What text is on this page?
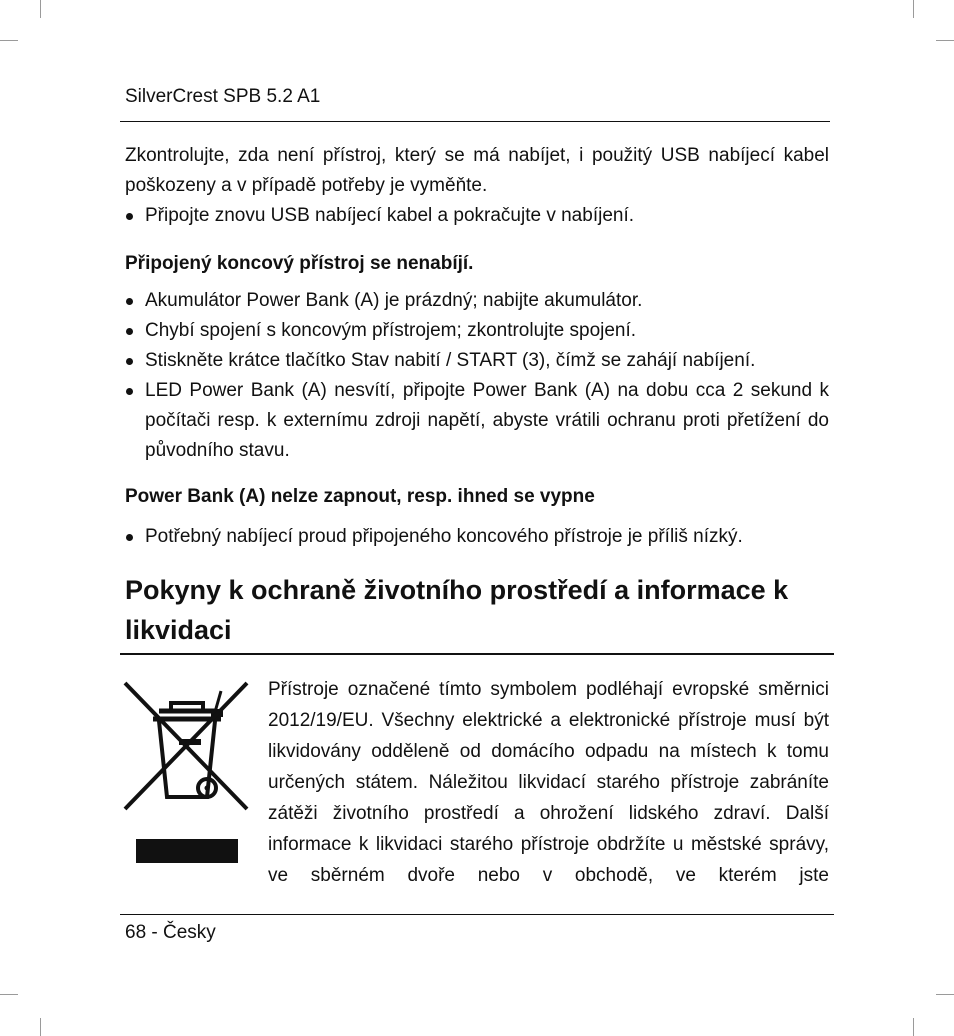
SilverCrest SPB 5.2 A1
Zkontrolujte, zda není přístroj, který se má nabíjet, i použitý USB nabíjecí kabel poškozeny a v případě potřeby je vyměňte.
Připojte znovu USB nabíjecí kabel a pokračujte v nabíjení.
Připojený koncový přístroj se nenabíjí.
Akumulátor Power Bank (A) je prázdný; nabijte akumulátor.
Chybí spojení s koncovým přístrojem; zkontrolujte spojení.
Stiskněte krátce tlačítko Stav nabití / START (3), čímž se zahájí nabíjení.
LED Power Bank (A) nesvítí, připojte Power Bank (A) na dobu cca 2 sekund k počítači resp. k externímu zdroji napětí, abyste vrátili ochranu proti přetížení do původního stavu.
Power Bank (A) nelze zapnout, resp. ihned se vypne
Potřebný nabíjecí proud připojeného koncového přístroje je příliš nízký.
Pokyny k ochraně životního prostředí a informace k likvidaci
Přístroje označené tímto symbolem podléhají evropské směrnici 2012/19/EU. Všechny elektrické a elektronické přístroje musí být likvidovány odděleně od domácího odpadu na místech k tomu určených státem. Náležitou likvidací starého přístroje zabráníte zátěži životního prostředí a ohrožení lidského zdraví. Další informace k likvidaci starého přístroje obdržíte u městské správy, ve sběrném dvoře nebo v obchodě, ve kterém jste
68 - Česky
